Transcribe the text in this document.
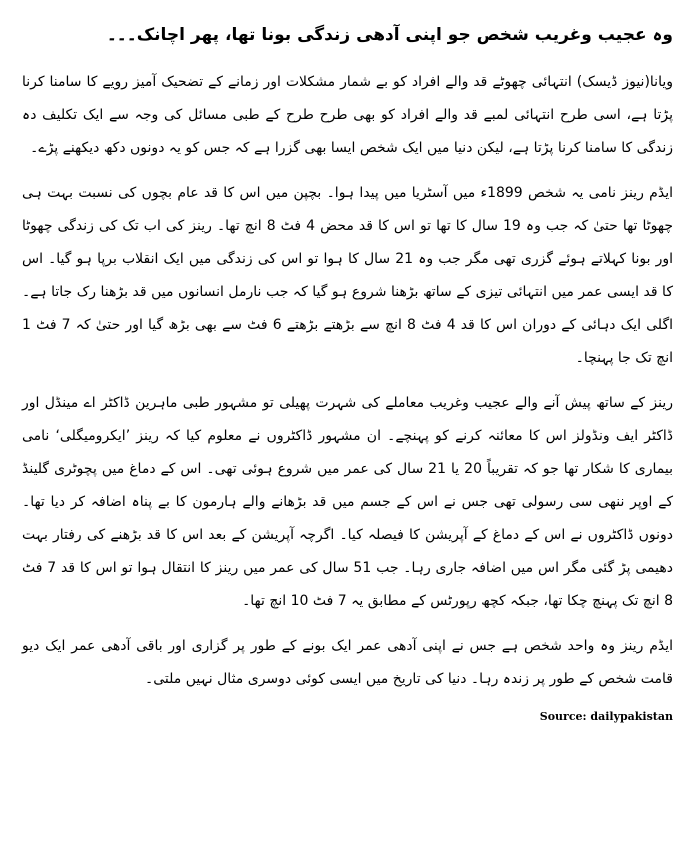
وہ عجیب وغریب شخص جو اپنی آدھی زندگی بونا تھا، پھر اچانک۔۔۔

ویانا(نیوز ڈیسک) انتہائی چھوٹے قد والے افراد کو بے شمار مشکلات اور زمانے کے تضحیک آمیز رویے کا سامنا کرنا پڑتا ہے، اسی طرح انتہائی لمبے قد والے افراد کو بھی طرح طرح کے طبی مسائل کی وجہ سے ایک تکلیف دہ زندگی کا سامنا کرنا پڑتا ہے، لیکن دنیا میں ایک شخص ایسا بھی گزرا ہے کہ جس کو یہ دونوں دکھ دیکھنے پڑے۔

ایڈم رینز نامی یہ شخص 1899ء میں آسٹریا میں پیدا ہوا۔ بچپن میں اس کا قد عام بچوں کی نسبت بہت ہی چھوٹا تھا حتیٰ کہ جب وہ 19 سال کا تھا تو اس کا قد محض 4 فٹ 8 انچ تھا۔ رینز کی اب تک کی زندگی چھوٹا اور بونا کہلاتے ہوئے گزری تھی مگر جب وہ 21 سال کا ہوا تو اس کی زندگی میں ایک انقلاب برپا ہو گیا۔ اس کا قد ایسی عمر میں انتہائی تیزی کے ساتھ بڑھنا شروع ہو گیا کہ جب نارمل انسانوں میں قد بڑھنا رک جاتا ہے۔ اگلی ایک دہائی کے دوران اس کا قد 4 فٹ 8 انچ سے بڑھتے بڑھتے 6 فٹ سے بھی بڑھ گیا اور حتیٰ کہ 7 فٹ 1 انچ تک جا پہنچا۔

رینز کے ساتھ پیش آنے والے عجیب وغریب معاملے کی شہرت پھیلی تو مشہور طبی ماہرین ڈاکٹر اے مینڈل اور ڈاکٹر ایف ونڈولز اس کا معائنہ کرنے کو پہنچے۔ ان مشہور ڈاکٹروں نے معلوم کیا کہ رینز ’ایکرومیگلی‘ نامی بیماری کا شکار تھا جو کہ تقریباً 20 یا 21 سال کی عمر میں شروع ہوئی تھی۔ اس کے دماغ میں پچوٹری گلینڈ کے اوپر ننھی سی رسولی تھی جس نے اس کے جسم میں قد بڑھانے والے ہارمون کا بے پناہ اضافہ کر دیا تھا۔ دونوں ڈاکٹروں نے اس کے دماغ کے آپریشن کا فیصلہ کیا۔ اگرچہ آپریشن کے بعد اس کا قد بڑھنے کی رفتار بہت دھیمی پڑ گئی مگر اس میں اضافہ جاری رہا۔ جب 51 سال کی عمر میں رینز کا انتقال ہوا تو اس کا قد 7 فٹ 8 انچ تک پہنچ چکا تھا، جبکہ کچھ رپورٹس کے مطابق یہ 7 فٹ 10 انچ تھا۔

ایڈم رینز وہ واحد شخص ہے جس نے اپنی آدھی عمر ایک بونے کے طور پر گزاری اور باقی آدھی عمر ایک دیو قامت شخص کے طور پر زندہ رہا۔ دنیا کی تاریخ میں ایسی کوئی دوسری مثال نہیں ملتی۔

Source: dailypakistan
